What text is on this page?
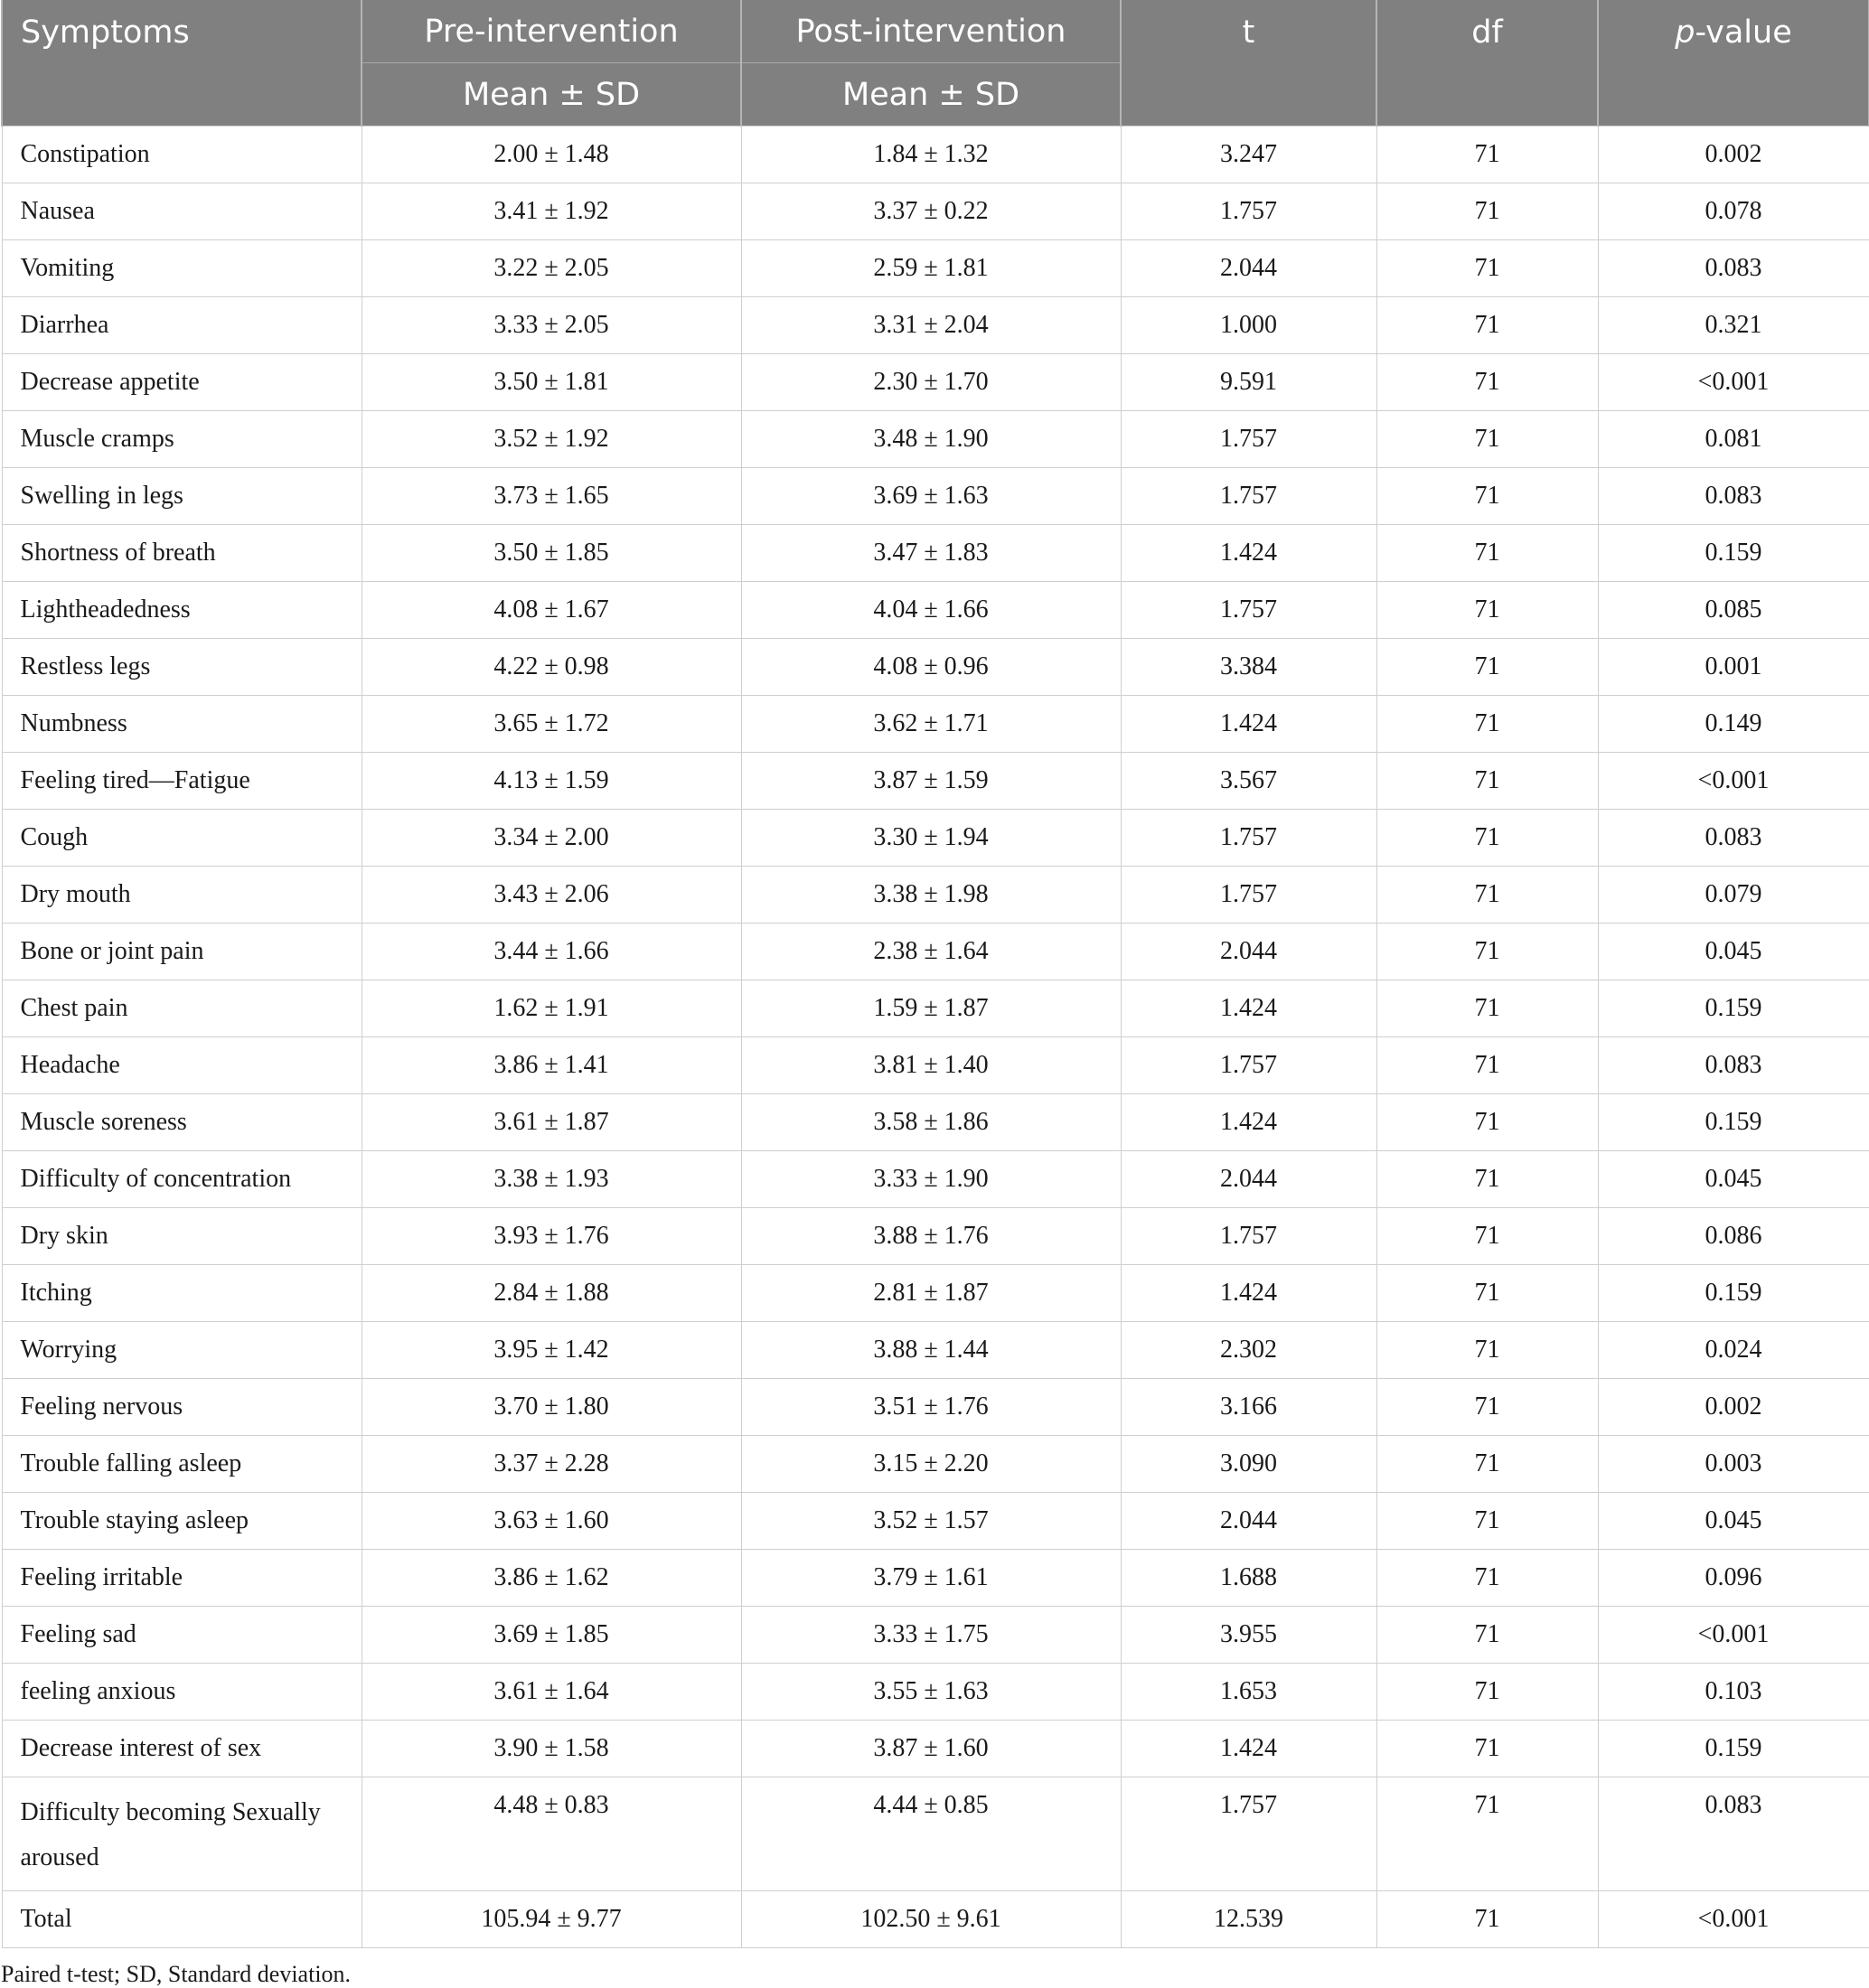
Symptoms	Pre-intervention	Post-intervention	t	df	p-value
	Mean ± SD	Mean ± SD			
Constipation	2.00 ± 1.48	1.84 ± 1.32	3.247	71	0.002
Nausea	3.41 ± 1.92	3.37 ± 0.22	1.757	71	0.078
Vomiting	3.22 ± 2.05	2.59 ± 1.81	2.044	71	0.083
Diarrhea	3.33 ± 2.05	3.31 ± 2.04	1.000	71	0.321
Decrease appetite	3.50 ± 1.81	2.30 ± 1.70	9.591	71	<0.001
Muscle cramps	3.52 ± 1.92	3.48 ± 1.90	1.757	71	0.081
Swelling in legs	3.73 ± 1.65	3.69 ± 1.63	1.757	71	0.083
Shortness of breath	3.50 ± 1.85	3.47 ± 1.83	1.424	71	0.159
Lightheadedness	4.08 ± 1.67	4.04 ± 1.66	1.757	71	0.085
Restless legs	4.22 ± 0.98	4.08 ± 0.96	3.384	71	0.001
Numbness	3.65 ± 1.72	3.62 ± 1.71	1.424	71	0.149
Feeling tired—Fatigue	4.13 ± 1.59	3.87 ± 1.59	3.567	71	<0.001
Cough	3.34 ± 2.00	3.30 ± 1.94	1.757	71	0.083
Dry mouth	3.43 ± 2.06	3.38 ± 1.98	1.757	71	0.079
Bone or joint pain	3.44 ± 1.66	2.38 ± 1.64	2.044	71	0.045
Chest pain	1.62 ± 1.91	1.59 ± 1.87	1.424	71	0.159
Headache	3.86 ± 1.41	3.81 ± 1.40	1.757	71	0.083
Muscle soreness	3.61 ± 1.87	3.58 ± 1.86	1.424	71	0.159
Difficulty of concentration	3.38 ± 1.93	3.33 ± 1.90	2.044	71	0.045
Dry skin	3.93 ± 1.76	3.88 ± 1.76	1.757	71	0.086
Itching	2.84 ± 1.88	2.81 ± 1.87	1.424	71	0.159
Worrying	3.95 ± 1.42	3.88 ± 1.44	2.302	71	0.024
Feeling nervous	3.70 ± 1.80	3.51 ± 1.76	3.166	71	0.002
Trouble falling asleep	3.37 ± 2.28	3.15 ± 2.20	3.090	71	0.003
Trouble staying asleep	3.63 ± 1.60	3.52 ± 1.57	2.044	71	0.045
Feeling irritable	3.86 ± 1.62	3.79 ± 1.61	1.688	71	0.096
Feeling sad	3.69 ± 1.85	3.33 ± 1.75	3.955	71	<0.001
feeling anxious	3.61 ± 1.64	3.55 ± 1.63	1.653	71	0.103
Decrease interest of sex	3.90 ± 1.58	3.87 ± 1.60	1.424	71	0.159
Difficulty becoming Sexually aroused	4.48 ± 0.83	4.44 ± 0.85	1.757	71	0.083
Total	105.94 ± 9.77	102.50 ± 9.61	12.539	71	<0.001
Paired t-test; SD, Standard deviation.
